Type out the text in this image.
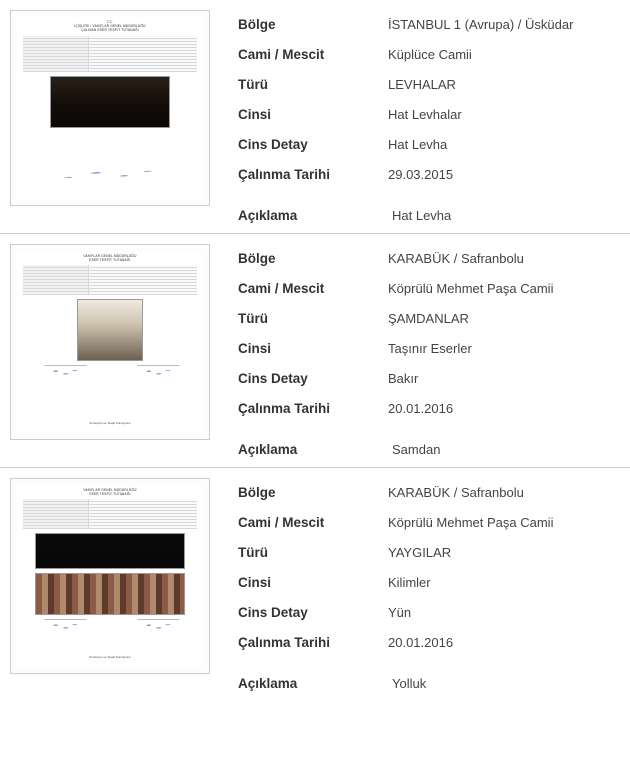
T.C.
İÇİŞLERİ / VAKIFLAR GENEL MÜDÜRLÜĞÜ
ÇALINAN ESER TESPİT TUTANAĞI	Bölge	İSTANBUL 1 (Avrupa) / Üsküdar
Cami / Mescit	Küplüce Camii
Türü	LEVHALAR
Cinsi	Hat Levhalar
Cins Detay	Hat Levha
Çalınma Tarihi	29.03.2015
Açıklama	Hat Levha
VAKIFLAR GENEL MÜDÜRLÜĞÜ
ESER TESPİT TUTANAĞI
Komisyon ve Tespit Komisyonu
Bölge	KARABÜK / Safranbolu
Cami / Mescit	Köprülü Mehmet Paşa Camii
Türü	ŞAMDANLAR
Cinsi	Taşınır Eserler
Cins Detay	Bakır
Çalınma Tarihi	20.01.2016
Açıklama	Samdan
VAKIFLAR GENEL MÜDÜRLÜĞÜ
ESER TESPİT TUTANAĞI
Komisyon ve Tespit Komisyonu
Bölge	KARABÜK / Safranbolu
Cami / Mescit	Köprülü Mehmet Paşa Camii
Türü	YAYGILAR
Cinsi	Kilimler
Cins Detay	Yün
Çalınma Tarihi	20.01.2016
Açıklama	Yolluk
